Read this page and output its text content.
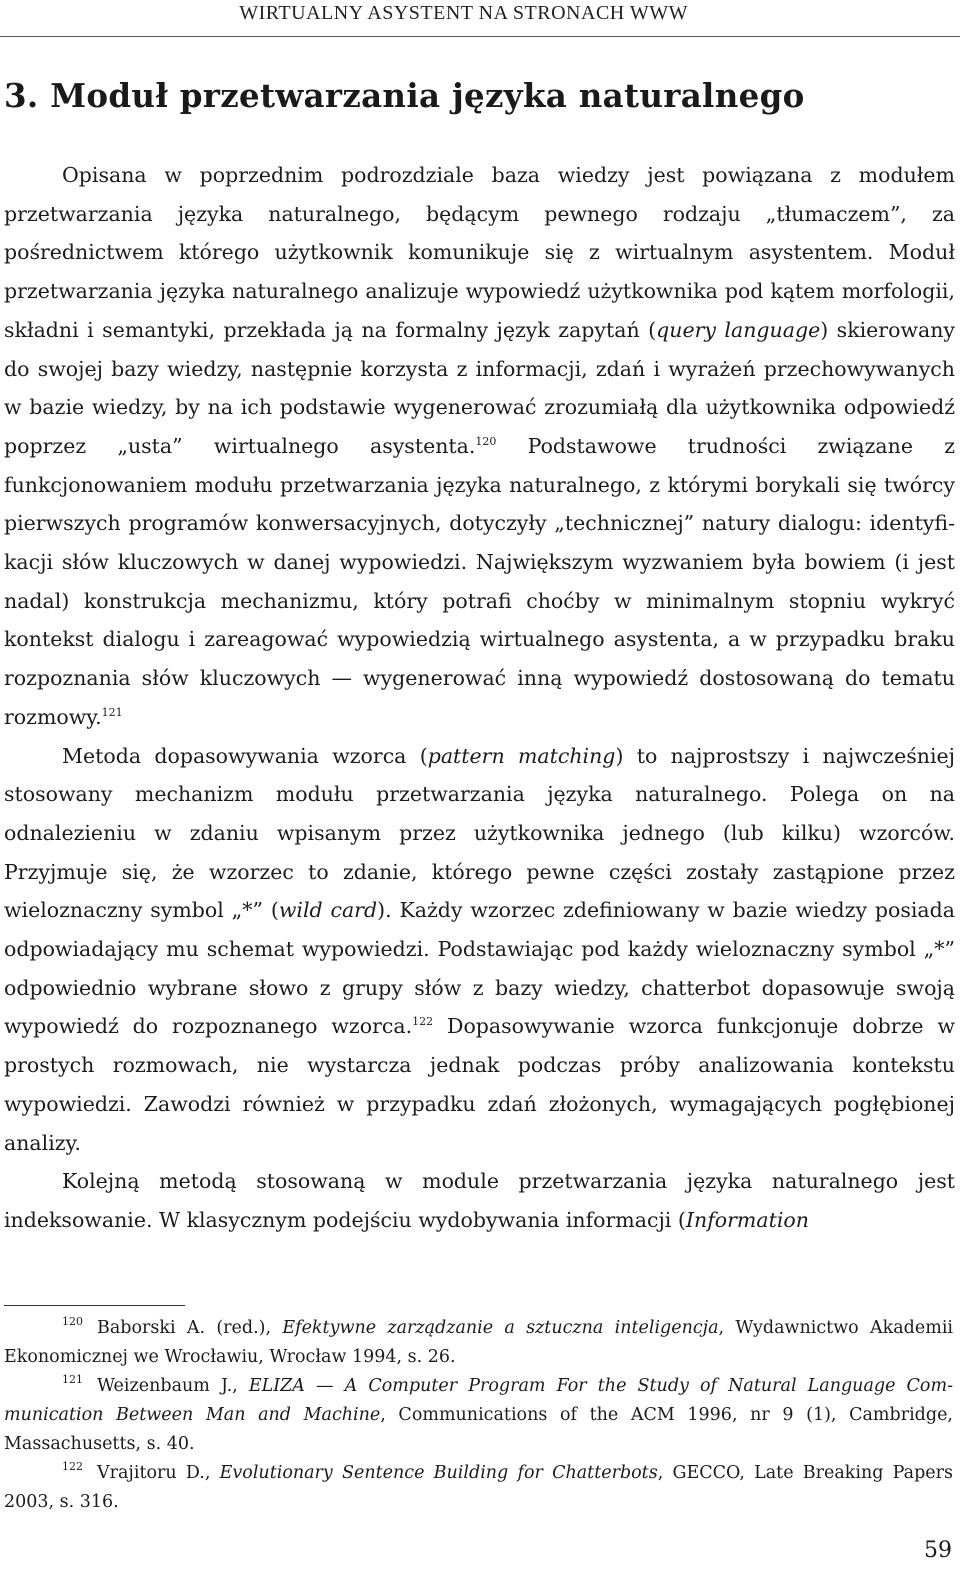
WIRTUALNY ASYSTENT NA STRONACH WWW
3. Moduł przetwarzania języka naturalnego

Opisana w poprzednim podrozdziale baza wiedzy jest powiązana z modułem przetwarzania języka naturalnego, będącym pewnego rodzaju „tłumaczem”, za pośrednictwem którego użytkownik komunikuje się z wirtualnym asystentem. Moduł przetwarzania języka naturalnego analizuje wypowiedź użytkownika pod kątem morfologii, składni i semantyki, przekłada ją na formalny język zapytań (query language) skierowany do swojej bazy wiedzy, następnie korzysta z informacji, zdań i wyrażeń przechowywanych w bazie wiedzy, by na ich podstawie wygenerować zrozumiałą dla użytkownika odpowiedź poprzez „usta” wirtualnego asystenta.$^{120}$ Podstawowe trudności związane z funkcjonowaniem modułu przetwarzania języka naturalnego, z którymi borykali się twórcy pierwszych programów konwersacyjnych, dotyczyły „technicznej” natury dialogu: identyfikacji słów kluczowych w danej wypowiedzi. Największym wyzwaniem była bowiem (i jest nadal) konstrukcja mechanizmu, który potrafi choćby w minimalnym stopniu wykryć kontekst dialogu i zareagować wypowiedzią wirtualnego asystenta, a w przypadku braku rozpoznania słów kluczowych — wygenerować inną wypowiedź dostosowaną do tematu rozmowy.$^{121}$

Metoda dopasowywania wzorca (pattern matching) to najprostszy i najwcześniej stosowany mechanizm modułu przetwarzania języka naturalnego. Polega on na odnalezieniu w zdaniu wpisanym przez użytkownika jednego (lub kilku) wzorców. Przyjmuje się, że wzorzec to zdanie, którego pewne części zostały zastąpione przez wieloznaczny symbol „*” (wild card). Każdy wzorzec zdefiniowany w bazie wiedzy posiada odpowiadający mu schemat wypowiedzi. Podstawiając pod każdy wieloznaczny symbol „*” odpowiednio wybrane słowo z grupy słów z bazy wiedzy, chatterbot dopasowuje swoją wypowiedź do rozpoznanego wzorca.$^{122}$ Dopasowywanie wzorca funkcjonuje dobrze w prostych rozmowach, nie wystarcza jednak podczas próby analizowania kontekstu wypowiedzi. Zawodzi również w przypadku zdań złożonych, wymagających pogłębionej analizy.

Kolejną metodą stosowaną w module przetwarzania języka naturalnego jest indeksowanie. W klasycznym podejściu wydobywania informacji (Information

$^{120}$ Baborski A. (red.), Efektywne zarządzanie a sztuczna inteligencja, Wydawnictwo Akademii Ekonomicznej we Wrocławiu, Wrocław 1994, s. 26.

$^{121}$ Weizenbaum J., ELIZA — A Computer Program For the Study of Natural Language Communication Between Man and Machine, Communications of the ACM 1996, nr 9 (1), Cambridge, Massachusetts, s. 40.

$^{122}$ Vrajitoru D., Evolutionary Sentence Building for Chatterbots, GECCO, Late Breaking Papers 2003, s. 316.

59
